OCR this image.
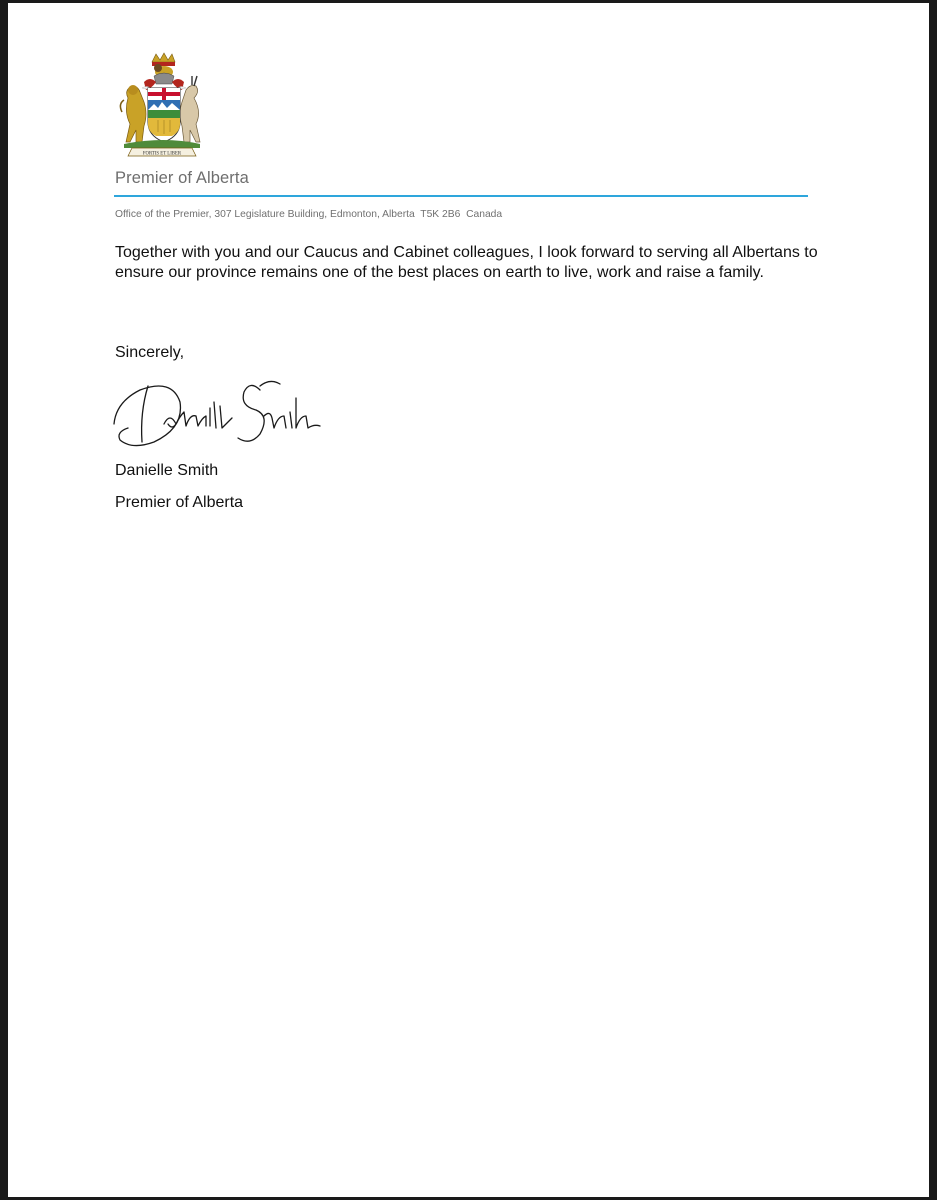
FORTIS ET LIBER
Premier of Alberta
Office of the Premier, 307 Legislature Building, Edmonton, Alberta  T5K 2B6  Canada
Together with you and our Caucus and Cabinet colleagues, I look forward to serving all Albertans to ensure our province remains one of the best places on earth to live, work and raise a family.
Sincerely,
Danielle Smith
Premier of Alberta
